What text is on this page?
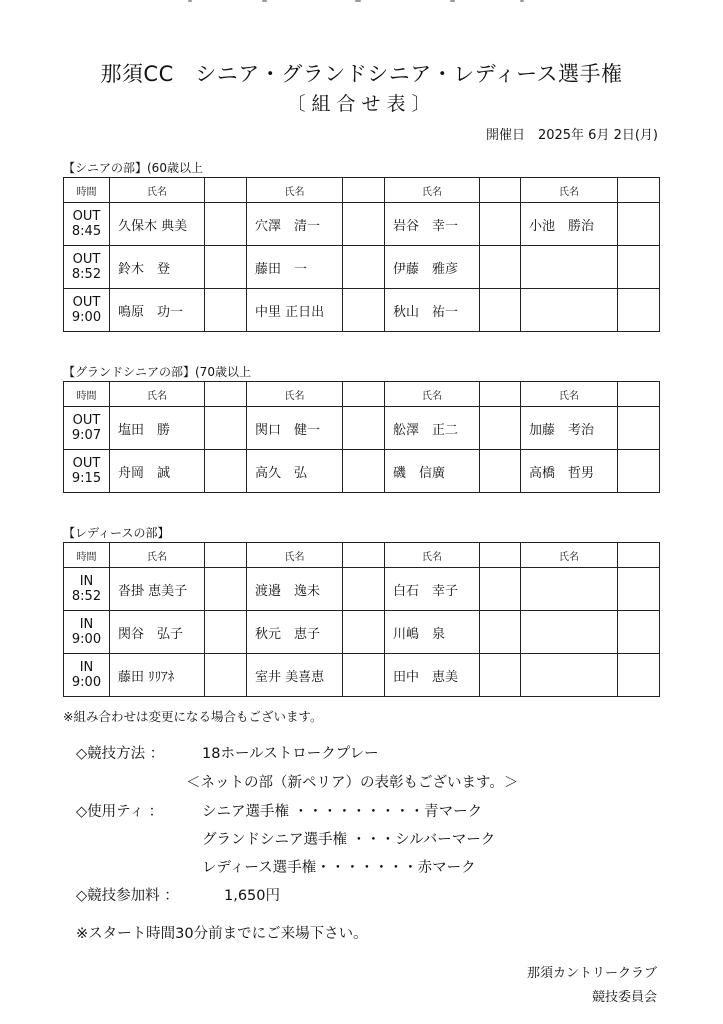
那須CC　シニア・グランドシニア・レディース選手権
〔組合せ表〕
開催日　2025年 6月 2日(月)
【シニアの部】(60歳以上
時間	氏名		氏名		氏名		氏名	
OUT
8:45	久保木 典美		穴澤　清一		岩谷　幸一		小池　勝治	
OUT
8:52	鈴木　登		藤田　一		伊藤　雅彦			
OUT
9:00	鳴原　功一		中里 正日出		秋山　祐一			
【グランドシニアの部】(70歳以上
時間	氏名		氏名		氏名		氏名	
OUT
9:07	塩田　勝		関口　健一		舩澤　正二		加藤　考治	
OUT
9:15	舟岡　誠		高久　弘		磯　信廣		高橋　哲男	
【レディースの部】
時間	氏名		氏名		氏名		氏名	
IN
8:52	沓掛 恵美子		渡邉　逸未		白石　幸子			
IN
9:00	関谷　弘子		秋元　恵子		川嶋　泉			
IN
9:00	藤田 ﾘﾘｱﾈ		室井 美喜恵		田中　恵美			
※組み合わせは変更になる場合もございます。
◇競技方法 ：	18ホールストロークプレー
＜ネットの部（新ペリア）の表彰もございます。＞
◇使用ティ ：	シニア選手権 ・・・・・・・・・青マーク
グランドシニア選手権 ・・・シルバーマーク
レディース選手権・・・・・・・赤マーク
◇競技参加料 ：	1,650円
※スタート時間30分前までにご来場下さい。
那須カントリークラブ
競技委員会
